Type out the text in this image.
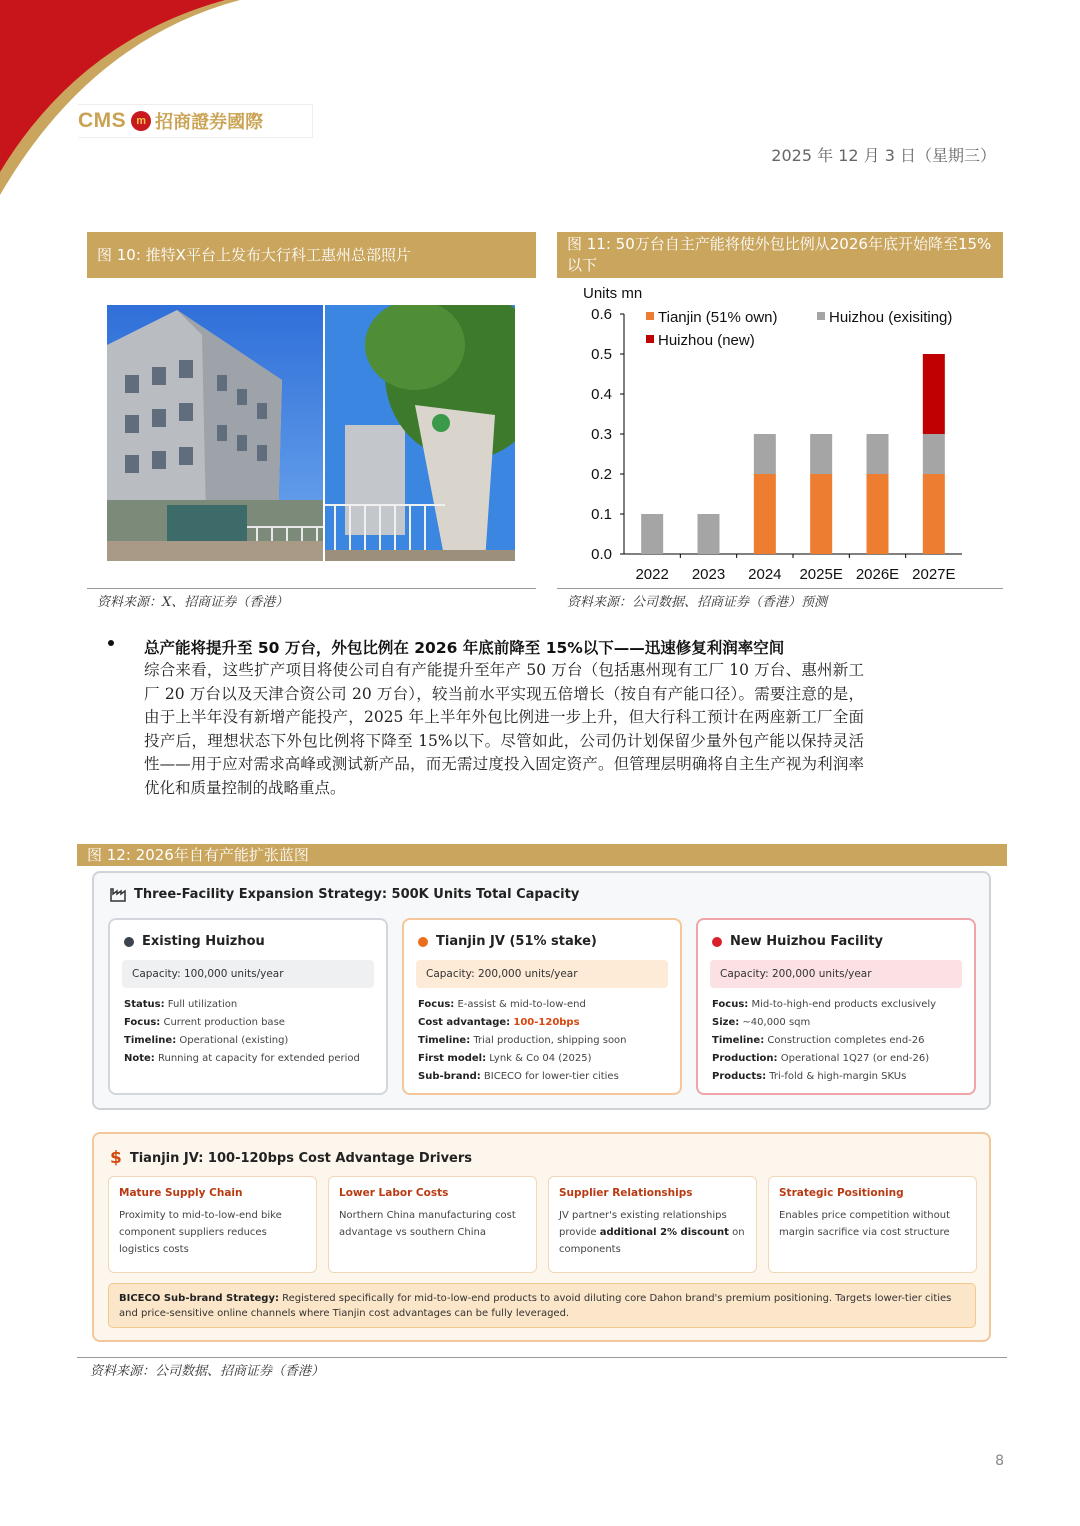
CMS m 招商證券國際
2025 年 12 月 3 日（星期三）
图 10: 推特X平台上发布大行科工惠州总部照片
资料来源：X、招商证券（香港）
图 11: 50万台自主产能将使外包比例从2026年底开始降至15%以下
Units mn
0.0
0.1
0.2
0.3
0.4
0.5
0.6
2022 2023 2024 2025E 2026E 2027E
Tianjin (51% own)	Huizhou (exisiting)
Huizhou (new)
资料来源：公司数据、招商证券（香港）预测
总产能将提升至 50 万台，外包比例在 2026 年底前降至 15%以下——迅速修复利润率空间
综合来看，这些扩产项目将使公司自有产能提升至年产 50 万台（包括惠州现有工厂 10 万台、惠州新工厂 20 万台以及天津合资公司 20 万台），较当前水平实现五倍增长（按自有产能口径）。需要注意的是，由于上半年没有新增产能投产，2025 年上半年外包比例进一步上升，但大行科工预计在两座新工厂全面投产后，理想状态下外包比例将下降至 15%以下。尽管如此，公司仍计划保留少量外包产能以保持灵活性——用于应对需求高峰或测试新产品，而无需过度投入固定资产。但管理层明确将自主生产视为利润率优化和质量控制的战略重点。
图 12: 2026年自有产能扩张蓝图
Three-Facility Expansion Strategy: 500K Units Total Capacity
Existing Huizhou
Capacity: 100,000 units/year
Status: Full utilization
Focus: Current production base
Timeline: Operational (existing)
Note: Running at capacity for extended period
Tianjin JV (51% stake)
Capacity: 200,000 units/year
Focus: E-assist & mid-to-low-end
Cost advantage: 100-120bps
Timeline: Trial production, shipping soon
First model: Lynk & Co 04 (2025)
Sub-brand: BICECO for lower-tier cities
New Huizhou Facility
Capacity: 200,000 units/year
Focus: Mid-to-high-end products exclusively
Size: ~40,000 sqm
Timeline: Construction completes end-26
Production: Operational 1Q27 (or end-26)
Products: Tri-fold & high-margin SKUs
$ Tianjin JV: 100-120bps Cost Advantage Drivers
Mature Supply Chain
Proximity to mid-to-low-end bike component suppliers reduces logistics costs
Lower Labor Costs
Northern China manufacturing cost advantage vs southern China
Supplier Relationships
JV partner's existing relationships provide additional 2% discount on components
Strategic Positioning
Enables price competition without margin sacrifice via cost structure
BICECO Sub-brand Strategy: Registered specifically for mid-to-low-end products to avoid diluting core Dahon brand's premium positioning. Targets lower-tier cities and price-sensitive online channels where Tianjin cost advantages can be fully leveraged.
资料来源：公司数据、招商证券（香港）
8
